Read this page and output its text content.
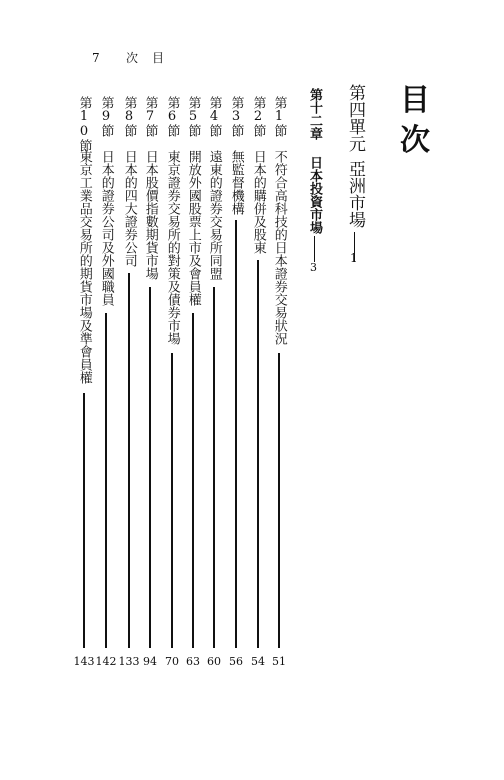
7 次　目
目
次
第四單元
亞洲市場
1
第十二章
日本投資市場
3
第1節
不符合高科技的日本證券交易狀況
51
第2節
日本的購併及股東
54
第3節
無監督機構
56
第4節
遠東的證券交易所同盟
60
第5節
開放外國股票上市及會員權
63
第6節
東京證券交易所的對策及債券市場
70
第7節
日本股價指數期貨市場
94
第8節
日本的四大證券公司
133
第9節
日本的證券公司及外國職員
142
第10節
東京工業品交易所的期貨市場及準會員權
143
